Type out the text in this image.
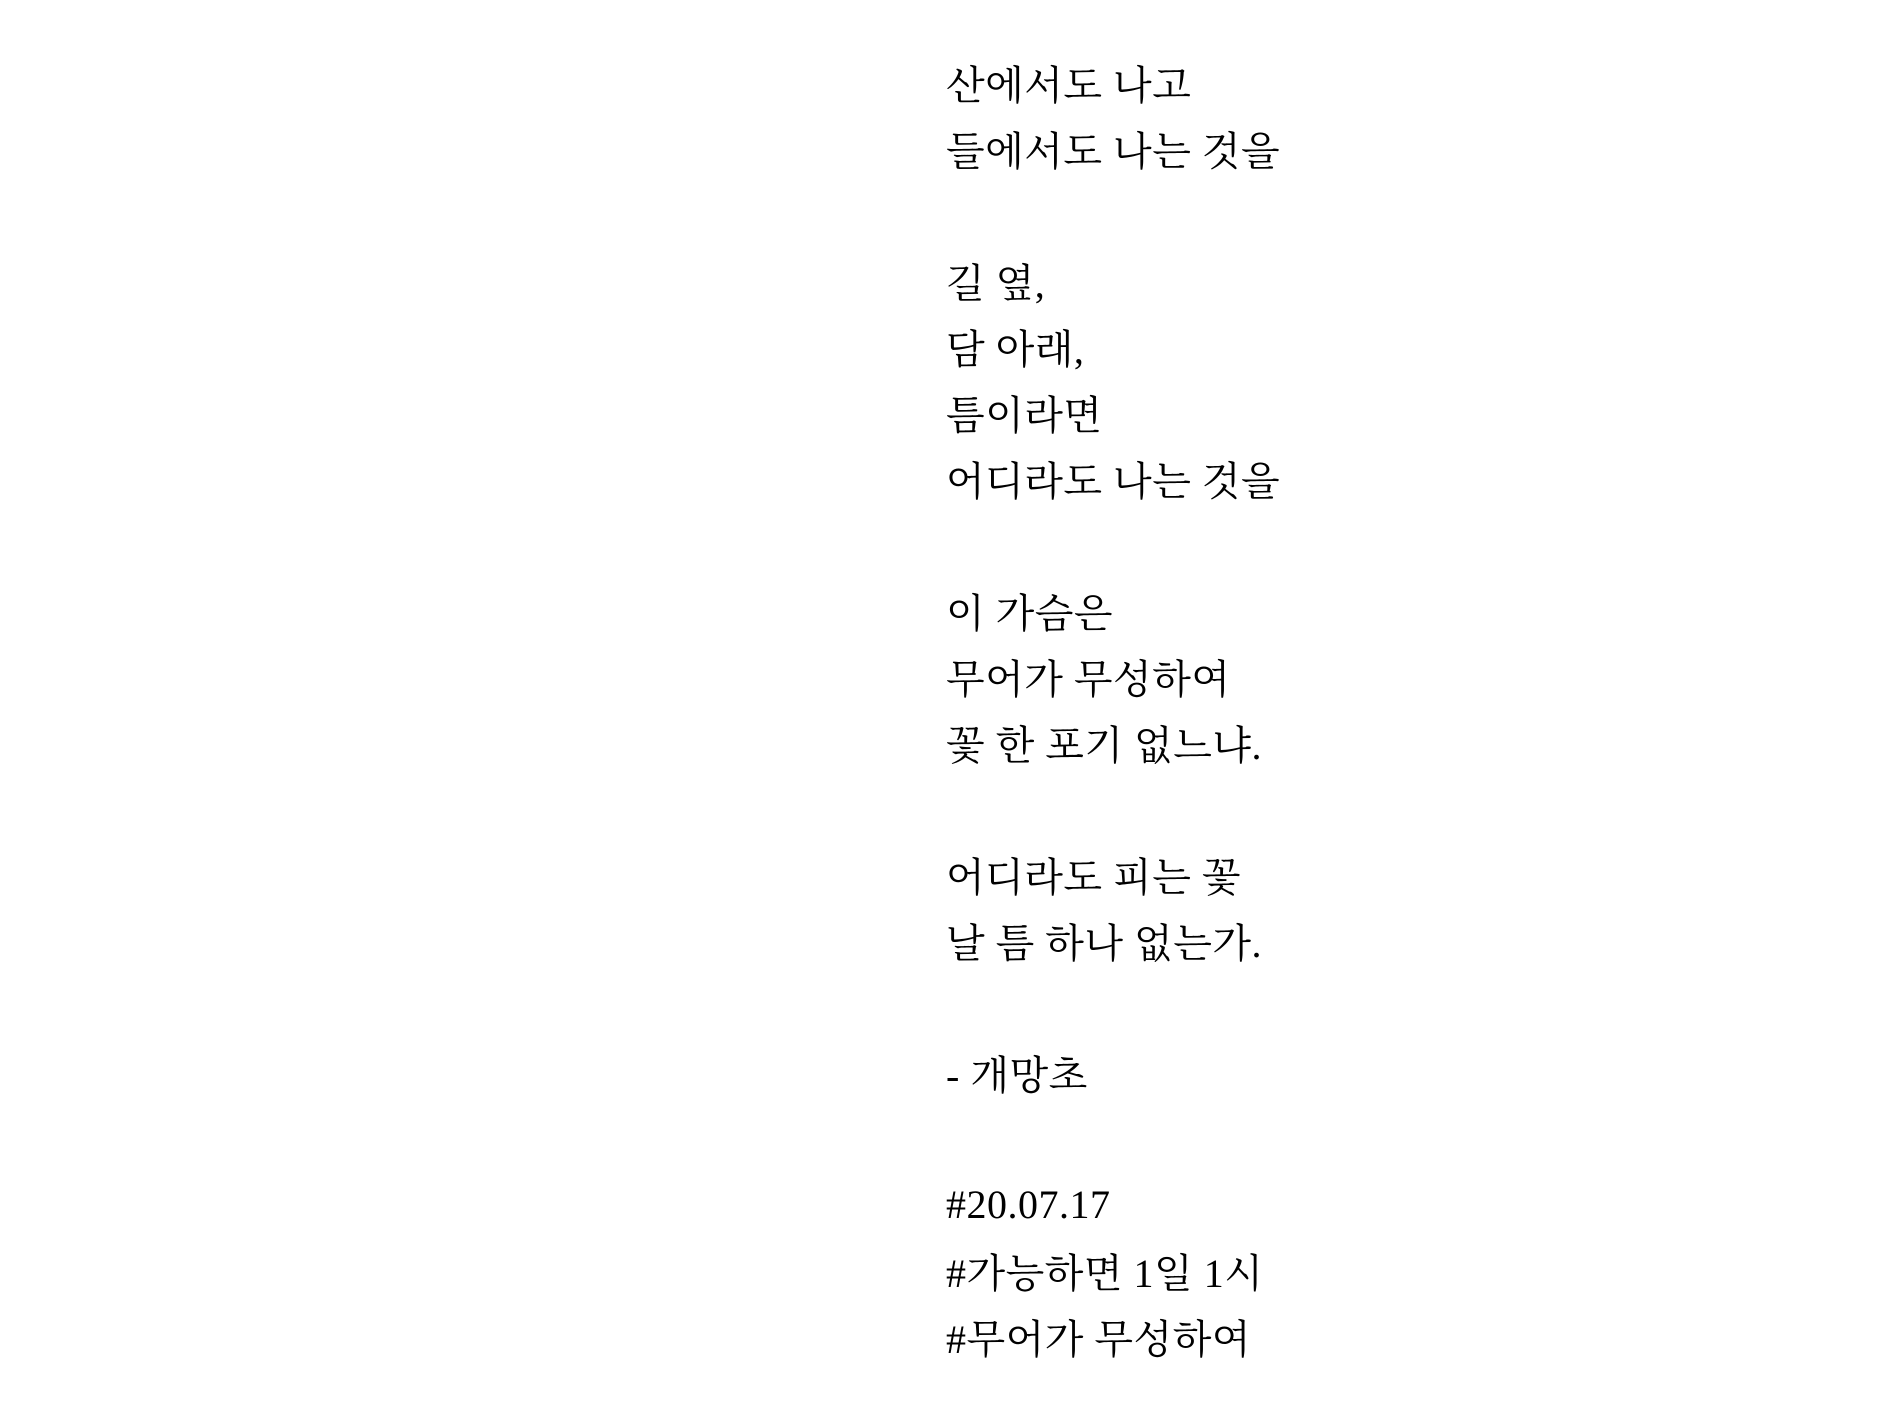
산에서도 나고
들에서도 나는 것을
길 옆,
담 아래,
틈이라면
어디라도 나는 것을
이 가슴은
무어가 무성하여
꽃 한 포기 없느냐.
어디라도 피는 꽃
날 틈 하나 없는가.
- 개망초
#20.07.17
#가능하면 1일 1시
#무어가 무성하여
